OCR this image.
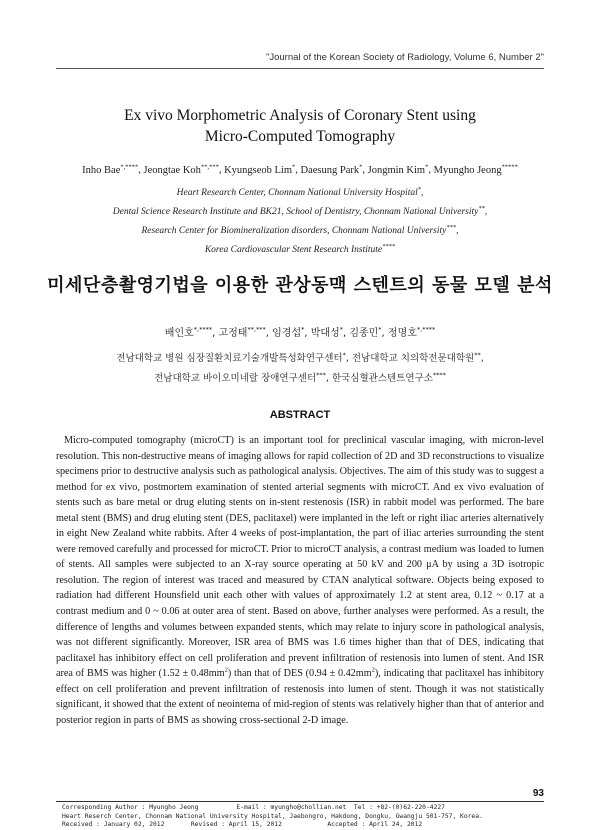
"Journal of the Korean Society of Radiology, Volume 6, Number 2"
Ex vivo Morphometric Analysis of Coronary Stent using
Micro-Computed Tomography
Inho Bae*,****, Jeongtae Koh**,***, Kyungseob Lim*, Daesung Park*, Jongmin Kim*, Myungho Jeong*****
Heart Research Center, Chonnam National University Hospital*,
Dental Science Research Institute and BK21, School of Dentistry, Chonnam National University**,
Research Center for Biomineralization disorders, Chonnam National University***,
Korea Cardiovascular Stent Research Institute****
미세단층촬영기법을 이용한 관상동맥 스텐트의 동물 모델 분석
배인호*,****, 고정태**,***, 임경섭*, 박대성*, 김종민*, 정명호*,****
전남대학교 병원 심장질환치료기술개발특성화연구센터*, 전남대학교 치의학전문대학원**,
전남대학교 바이오미네랄 장애연구센터***, 한국심혈관스텐트연구소****
ABSTRACT
Micro-computed tomography (microCT) is an important tool for preclinical vascular imaging, with micron-level resolution. This non-destructive means of imaging allows for rapid collection of 2D and 3D reconstructions to visualize specimens prior to destructive analysis such as pathological analysis. Objectives. The aim of this study was to suggest a method for ex vivo, postmortem examination of stented arterial segments with microCT. And ex vivo evaluation of stents such as bare metal or drug eluting stents on in-stent restenosis (ISR) in rabbit model was performed. The bare metal stent (BMS) and drug eluting stent (DES, paclitaxel) were implanted in the left or right iliac arteries alternatively in eight New Zealand white rabbits. After 4 weeks of post-implantation, the part of iliac arteries surrounding the stent were removed carefully and processed for microCT. Prior to microCT analysis, a contrast medium was loaded to lumen of stents. All samples were subjected to an X-ray source operating at 50 kV and 200 μA by using a 3D isotropic resolution. The region of interest was traced and measured by CTAN analytical software. Objects being exposed to radiation had different Hounsfield unit each other with values of approximately 1.2 at stent area, 0.12 ~ 0.17 at a contrast medium and 0 ~ 0.06 at outer area of stent. Based on above, further analyses were performed. As a result, the difference of lengths and volumes between expanded stents, which may relate to injury score in pathological analysis, was not different significantly. Moreover, ISR area of BMS was 1.6 times higher than that of DES, indicating that paclitaxel has inhibitory effect on cell proliferation and prevent infiltration of restenosis into lumen of stent. And ISR area of BMS was higher $(1.52 \pm 0.48mm^2)$ than that of DES $(0.94 \pm 0.42mm^2)$, indicating that paclitaxel has inhibitory effect on cell proliferation and prevent infiltration of restenosis into lumen of stent. Though it was not statistically significant, it showed that the extent of neointema of mid-region of stents was relatively higher than that of anterior and posterior region in parts of BMS as showing cross-sectional 2-D image.
93
Corresponding Author : Myungho Jeong          E-mail : myungho@chollian.net  Tel : +82-(0)62-220-4227
Heart Reserch Center, Chonnam National University Hospital, Jaebongro, Hakdong, Dongku, Gwangju 501-757, Korea.
Received : January 02, 2012       Revised : April 15, 2012            Accepted : April 24, 2012
